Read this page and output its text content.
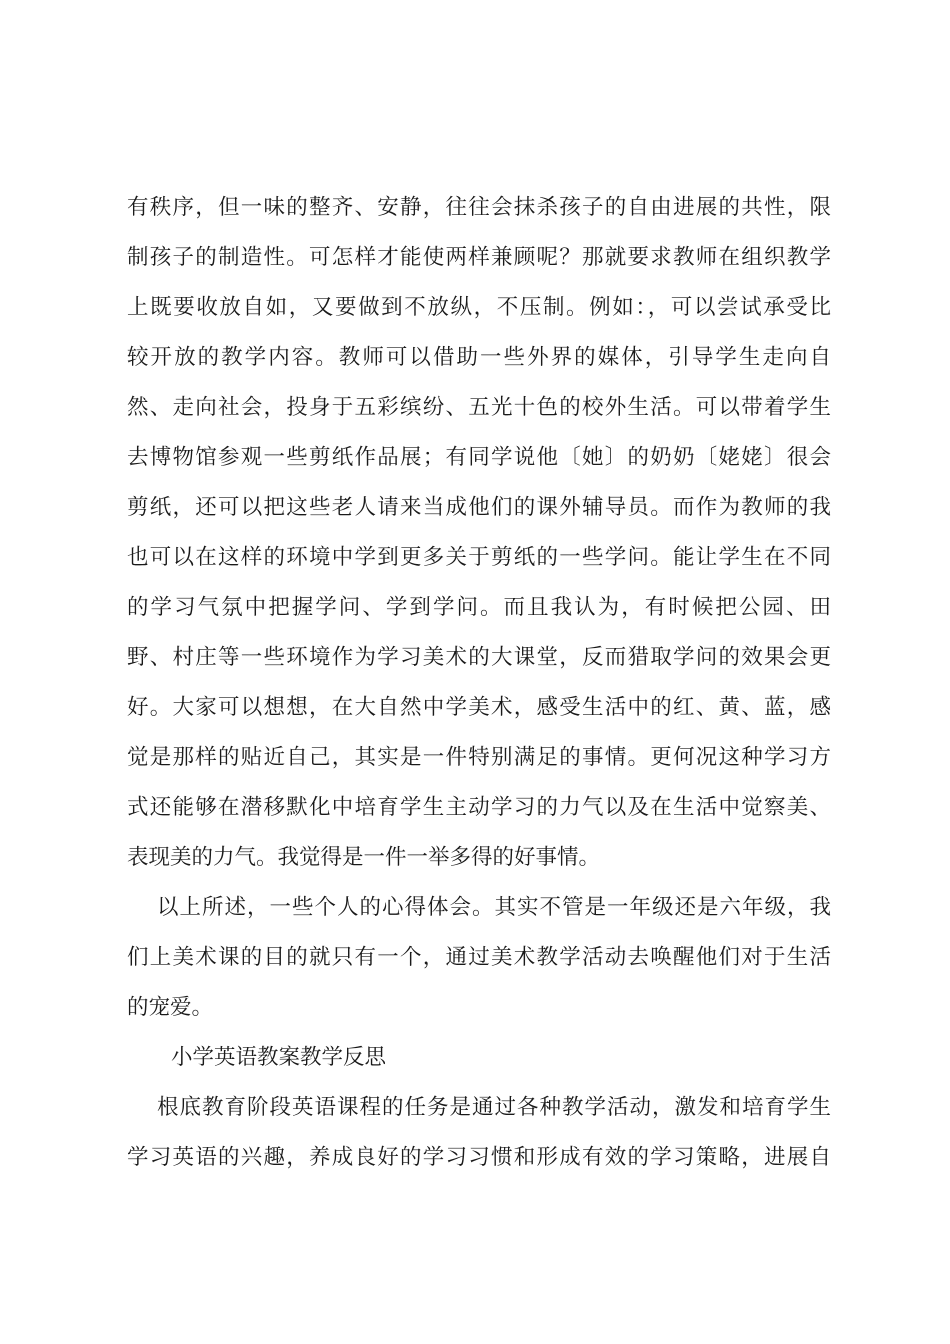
有秩序，但一味的整齐、安静，往往会抹杀孩子的自由进展的共性，限
制孩子的制造性。可怎样才能使两样兼顾呢？那就要求教师在组织教学
上既要收放自如，又要做到不放纵，不压制。例如：，可以尝试承受比
较开放的教学内容。教师可以借助一些外界的媒体，引导学生走向自
然、走向社会，投身于五彩缤纷、五光十色的校外生活。可以带着学生
去博物馆参观一些剪纸作品展；有同学说他〔她〕的奶奶〔姥姥〕很会
剪纸，还可以把这些老人请来当成他们的课外辅导员。而作为教师的我
也可以在这样的环境中学到更多关于剪纸的一些学问。能让学生在不同
的学习气氛中把握学问、学到学问。而且我认为，有时候把公园、田
野、村庄等一些环境作为学习美术的大课堂，反而猎取学问的效果会更
好。大家可以想想，在大自然中学美术，感受生活中的红、黄、蓝，感
觉是那样的贴近自己，其实是一件特别满足的事情。更何况这种学习方
式还能够在潜移默化中培育学生主动学习的力气以及在生活中觉察美、
表现美的力气。我觉得是一件一举多得的好事情。
以上所述，一些个人的心得体会。其实不管是一年级还是六年级，我
们上美术课的目的就只有一个，通过美术教学活动去唤醒他们对于生活
的宠爱。
小学英语教案教学反思
根底教育阶段英语课程的任务是通过各种教学活动，激发和培育学生
学习英语的兴趣，养成良好的学习习惯和形成有效的学习策略，进展自
